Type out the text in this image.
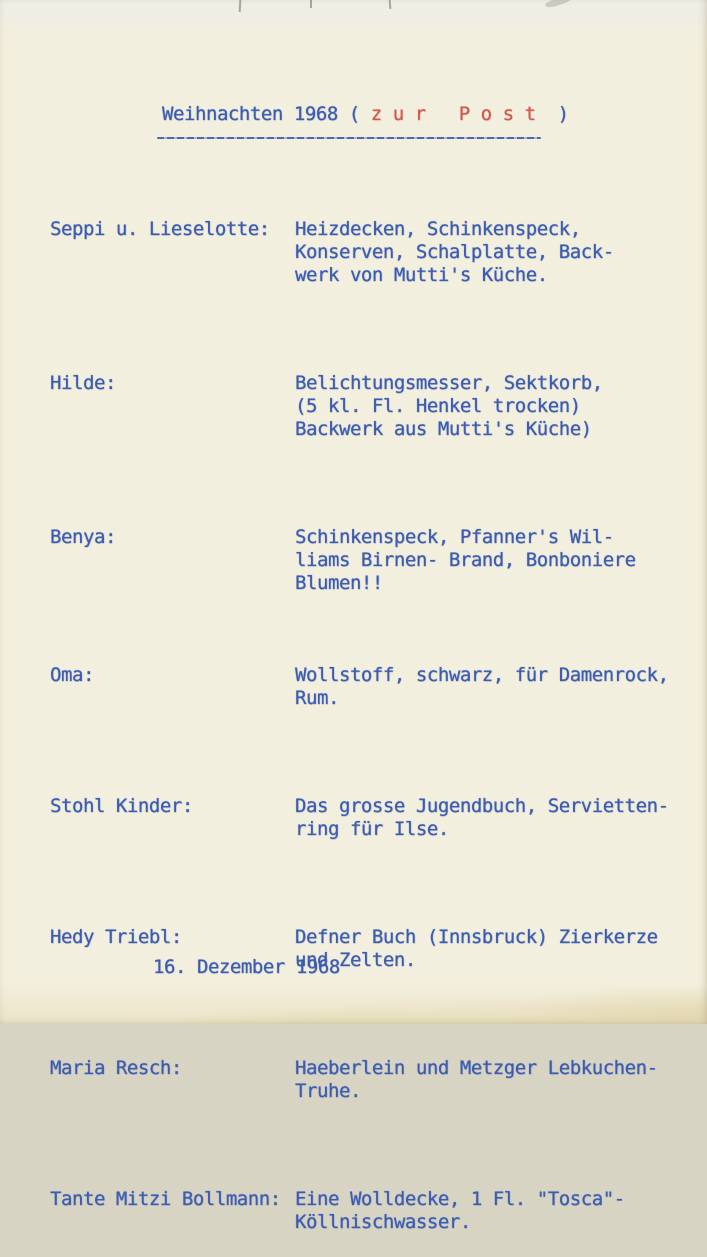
Weihnachten 1968 ( z u r   P o s t  )

Seppi u. Lieselotte:	Heizdecken, Schinkenspeck,
Konserven, Schalplatte, Back-
werk von Mutti's Küche.

Hilde:	Belichtungsmesser, Sektkorb,
(5 kl. Fl. Henkel trocken)
Backwerk aus Mutti's Küche)

Benya:	Schinkenspeck, Pfanner's Wil-
liams Birnen- Brand, Bonboniere
Blumen!!

Oma:	Wollstoff, schwarz, für Damenrock,
Rum.

Stohl Kinder:	Das grosse Jugendbuch, Servietten-
ring für Ilse.

Hedy Triebl:	Defner Buch (Innsbruck) Zierkerze
und Zelten.

Maria Resch:	Haeberlein und Metzger Lebkuchen-
Truhe.

Tante Mitzi Bollmann: Eine Wolldecke, 1 Fl. "Tosca"-
Köllnischwasser.

16. Dezember 1968
